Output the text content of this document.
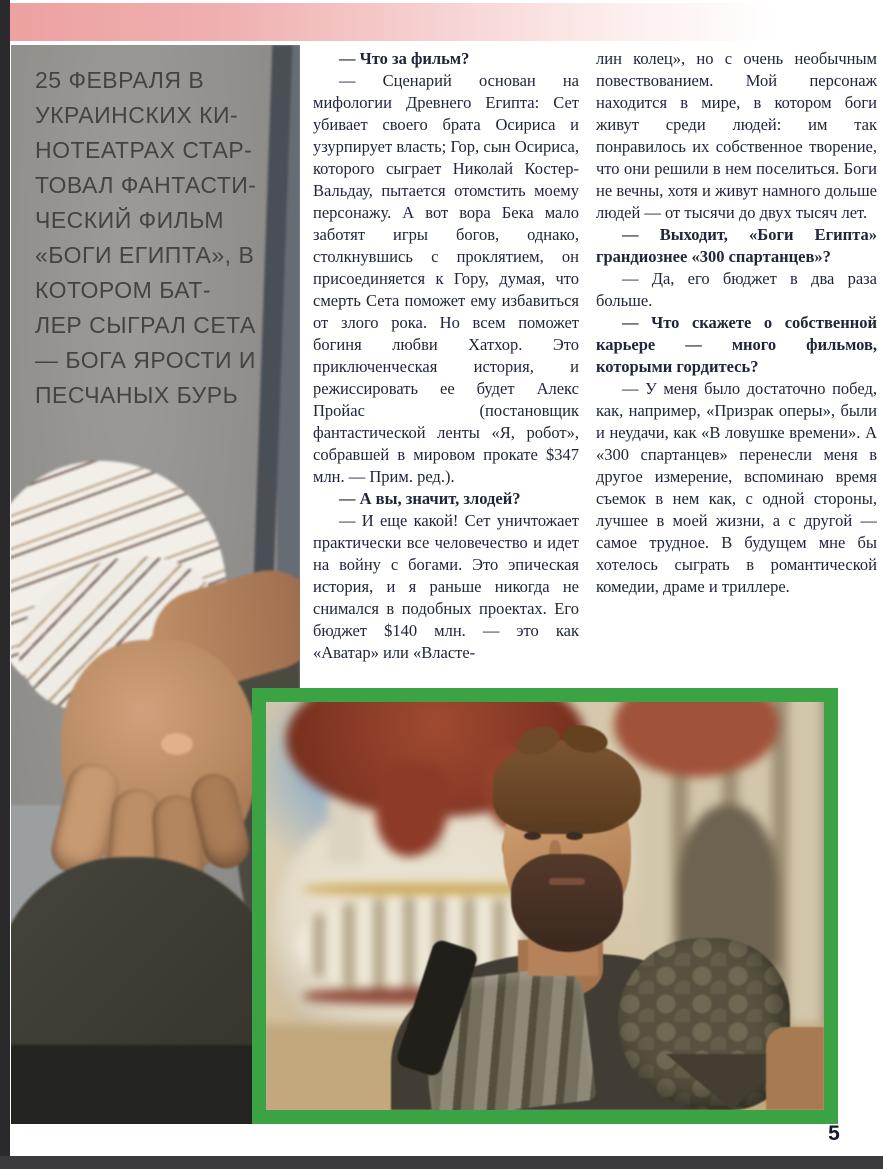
25 ФЕВРАЛЯ В
УКРАИНСКИХ КИ-
НОТЕАТРАХ СТАР-
ТОВАЛ ФАНТАСТИ-
ЧЕСКИЙ ФИЛЬМ
«БОГИ ЕГИПТА», В
КОТОРОМ БАТ-
ЛЕР СЫГРАЛ СЕТА
— БОГА ЯРОСТИ И
ПЕСЧАНЫХ БУРЬ

— Что за фильм?

— Сценарий основан на мифологии Древнего Египта: Сет убивает своего брата Осириса и узурпирует власть; Гор, сын Осириса, которого сыграет Николай Костер-Вальдау, пытается отомстить моему персонажу. А вот вора Бека мало заботят игры богов, однако, столкнувшись с проклятием, он присоединяется к Гору, думая, что смерть Сета поможет ему избавиться от злого рока. Но всем поможет богиня любви Хатхор. Это приключенческая история, и режиссировать ее будет Алекс Пройас (постановщик фантастической ленты «Я, робот», собравшей в мировом прокате $347 млн. — Прим. ред.).

— А вы, значит, злодей?

— И еще какой! Сет уничтожает практически все человечество и идет на войну с богами. Это эпическая история, и я раньше никогда не снимался в подобных проектах. Его бюджет $140 млн. — это как «Аватар» или «Власте-

лин колец», но с очень необычным повествованием. Мой персонаж находится в мире, в котором боги живут среди людей: им так понравилось их собственное творение, что они решили в нем поселиться. Боги не вечны, хотя и живут намного дольше людей — от тысячи до двух тысяч лет.

— Выходит, «Боги Египта» грандиознее «300 спартанцев»?

— Да, его бюджет в два раза больше.

— Что скажете о собственной карьере — много фильмов, которыми гордитесь?

— У меня было достаточно побед, как, например, «Призрак оперы», были и неудачи, как «В ловушке времени». А «300 спартанцев» перенесли меня в другое измерение, вспоминаю время съемок в нем как, с одной стороны, лучшее в моей жизни, а с другой — самое трудное. В будущем мне бы хотелось сыграть в романтической комедии, драме и триллере.

5
